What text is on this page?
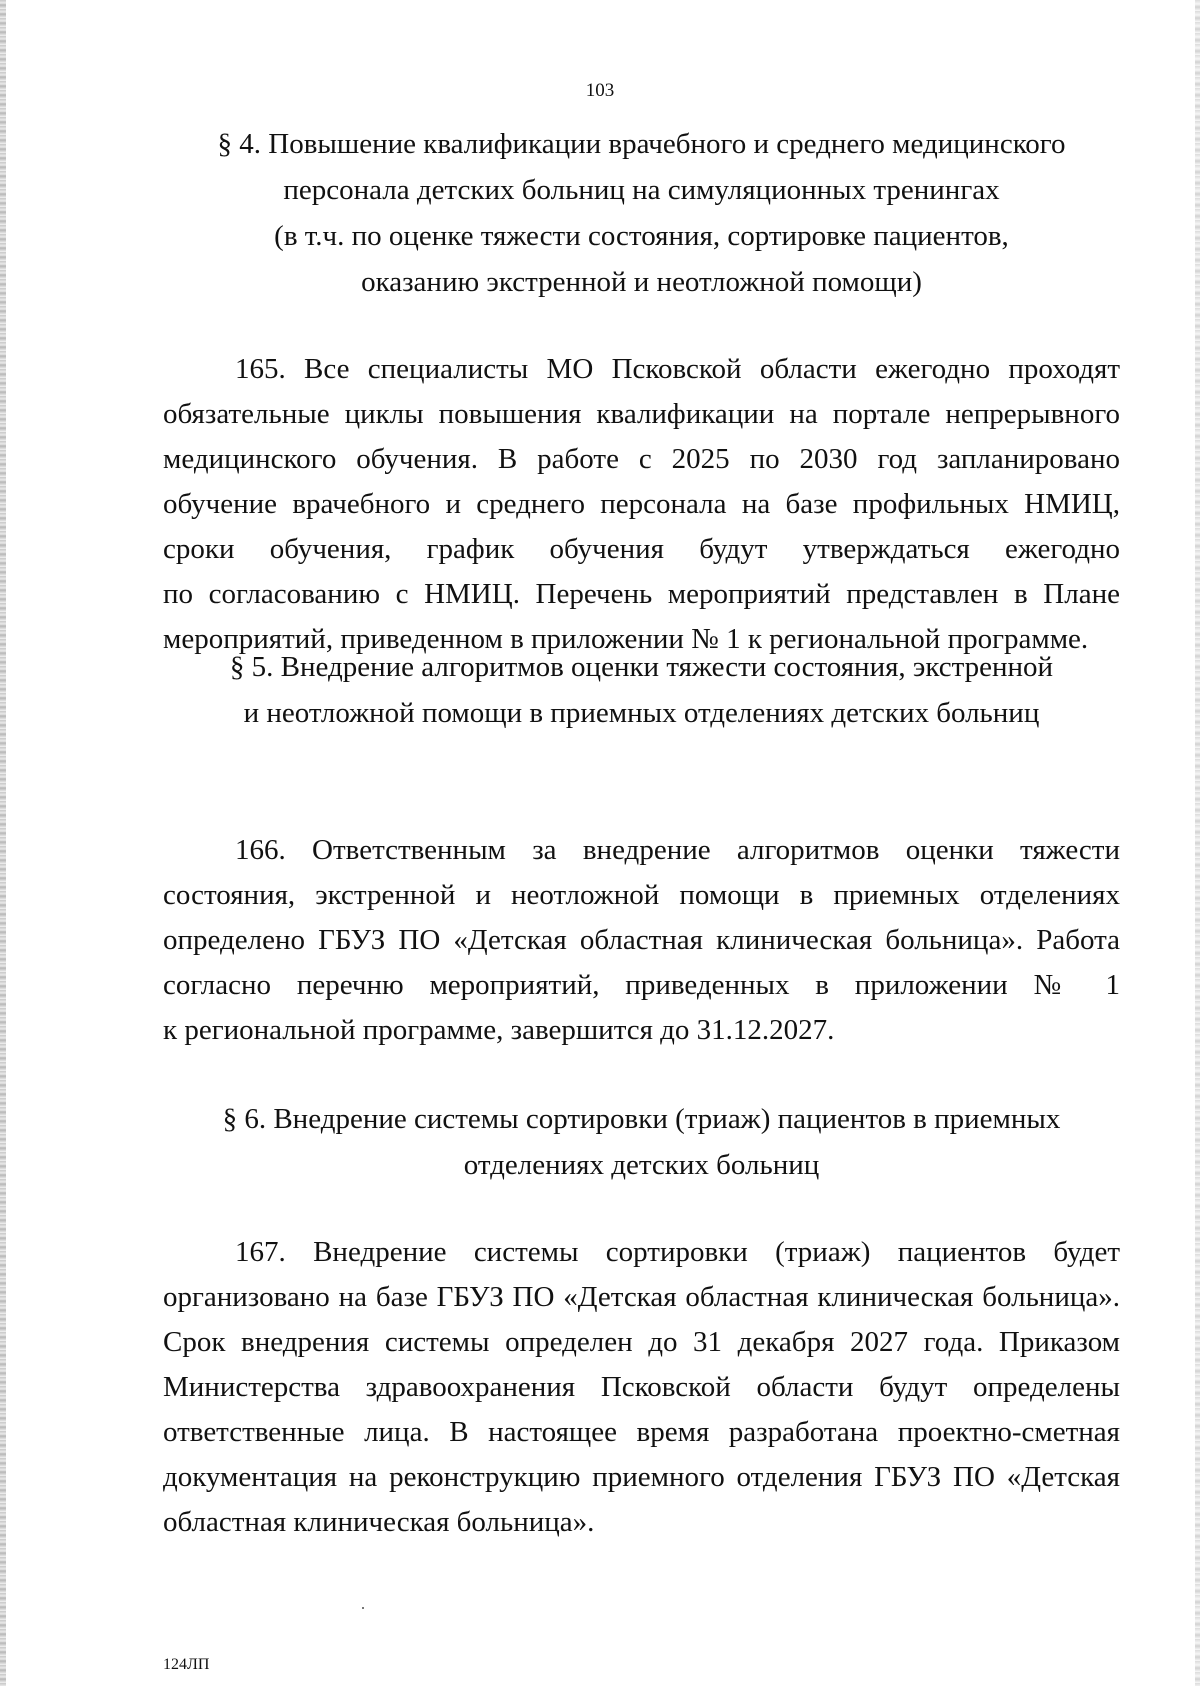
103
§ 4. Повышение квалификации врачебного и среднего медицинского
персонала детских больниц на симуляционных тренингах
(в т.ч. по оценке тяжести состояния, сортировке пациентов,
оказанию экстренной и неотложной помощи)

165. Все специалисты МО Псковской области ежегодно проходят
обязательные циклы повышения квалификации на портале непрерывного
медицинского обучения. В работе с 2025 по 2030 год запланировано
обучение врачебного и среднего персонала на базе профильных НМИЦ,
сроки обучения, график обучения будут утверждаться ежегодно
по согласованию с НМИЦ. Перечень мероприятий представлен в Плане
мероприятий, приведенном в приложении № 1 к региональной программе.

§ 5. Внедрение алгоритмов оценки тяжести состояния, экстренной
и неотложной помощи в приемных отделениях детских больниц

166. Ответственным за внедрение алгоритмов оценки тяжести
состояния, экстренной и неотложной помощи в приемных отделениях
определено ГБУЗ ПО «Детская областная клиническая больница». Работа
согласно перечню мероприятий, приведенных в приложении № 1
к региональной программе, завершится до 31.12.2027.

§ 6. Внедрение системы сортировки (триаж) пациентов в приемных
отделениях детских больниц

167. Внедрение системы сортировки (триаж) пациентов будет
организовано на базе ГБУЗ ПО «Детская областная клиническая больница».
Срок внедрения системы определен до 31 декабря 2027 года. Приказом
Министерства здравоохранения Псковской области будут определены
ответственные лица. В настоящее время разработана проектно-сметная
документация на реконструкцию приемного отделения ГБУЗ ПО «Детская
областная клиническая больница».

124ЛП
